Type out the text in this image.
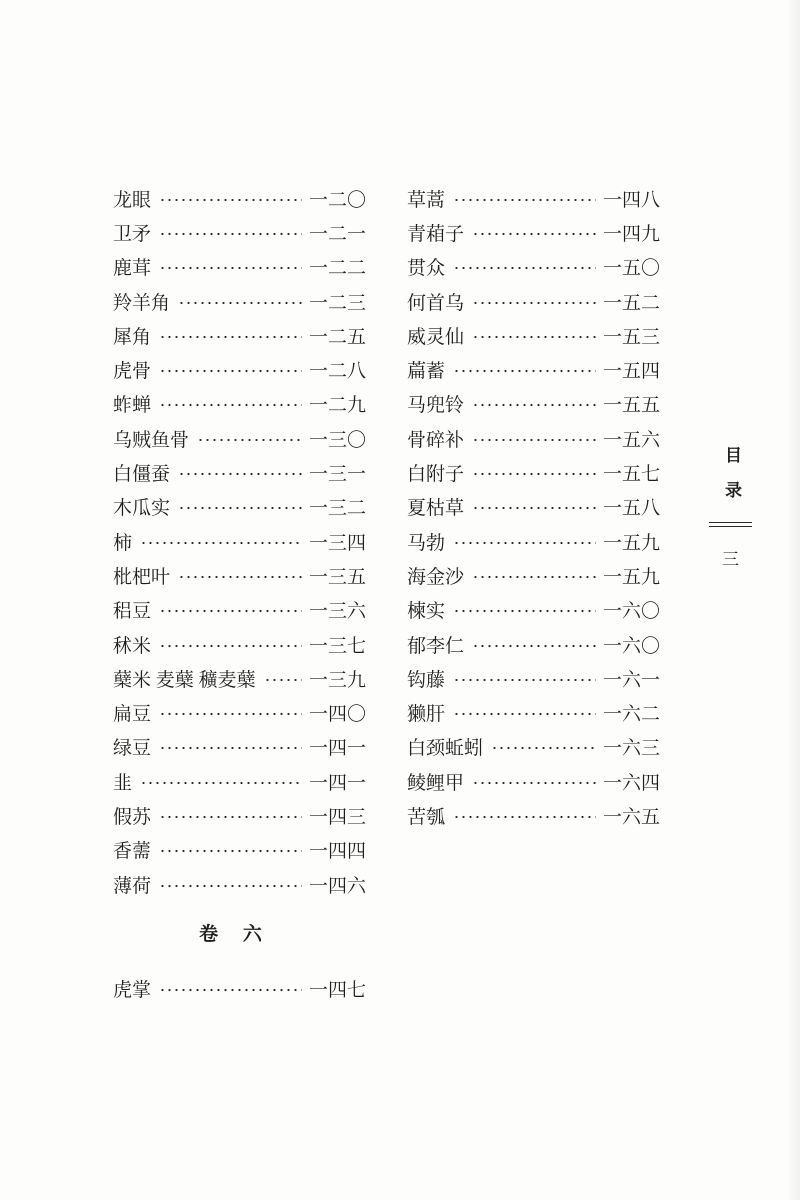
龙眼	一二〇
卫矛	一二一
鹿茸	一二二
羚羊角	一二三
犀角	一二五
虎骨	一二八
蚱蝉	一二九
乌贼鱼骨	一三〇
白僵蚕	一三一
木瓜实	一三二
柿	一三四
枇杷叶	一三五
稆豆	一三六
秫米	一三七
蘖米 麦蘖 穬麦蘖	一三九
扁豆	一四〇
绿豆	一四一
韭	一四一
假苏	一四三
香薷	一四四
薄荷	一四六
卷 六
虎掌	一四七
草蒿	一四八
青葙子	一四九
贯众	一五〇
何首乌	一五二
威灵仙	一五三
萹蓄	一五四
马兜铃	一五五
骨碎补	一五六
白附子	一五七
夏枯草	一五八
马勃	一五九
海金沙	一五九
楝实	一六〇
郁李仁	一六〇
钩藤	一六一
獭肝	一六二
白颈蚯蚓	一六三
鲮鲤甲	一六四
苦瓠	一六五
目录
三
